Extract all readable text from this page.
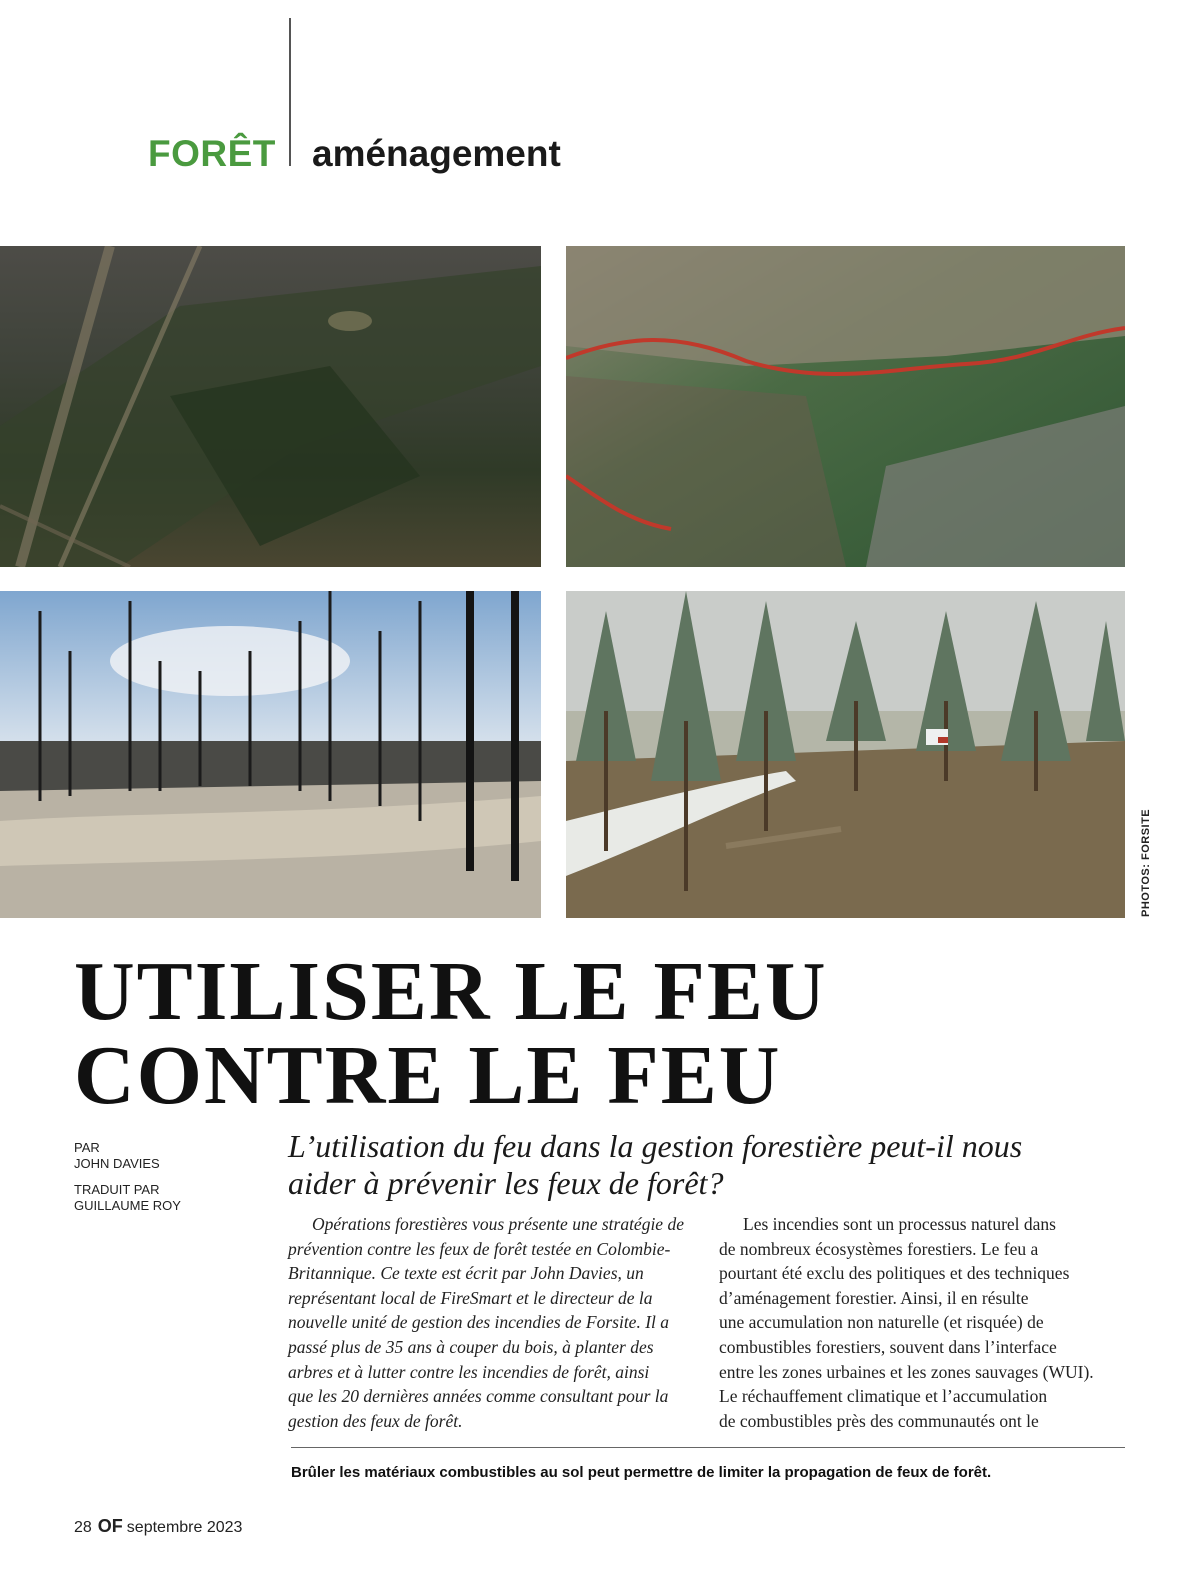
FORÊT aménagement
PHOTOS: FORSITE
UTILISER LE FEU
CONTRE LE FEU
PAR
JOHN DAVIES
TRADUIT PAR
GUILLAUME ROY
L’utilisation du feu dans la gestion forestière peut-il nous
aider à prévenir les feux de forêt?
Opérations forestières vous présente une stratégie de
prévention contre les feux de forêt testée en Colombie-
Britannique. Ce texte est écrit par John Davies, un
représentant local de FireSmart et le directeur de la
nouvelle unité de gestion des incendies de Forsite. Il a
passé plus de 35 ans à couper du bois, à planter des
arbres et à lutter contre les incendies de forêt, ainsi
que les 20 dernières années comme consultant pour la
gestion des feux de forêt.
Les incendies sont un processus naturel dans
de nombreux écosystèmes forestiers. Le feu a
pourtant été exclu des politiques et des techniques
d’aménagement forestier. Ainsi, il en résulte
une accumulation non naturelle (et risquée) de
combustibles forestiers, souvent dans l’interface
entre les zones urbaines et les zones sauvages (WUI).
Le réchauffement climatique et l’accumulation
de combustibles près des communautés ont le
Brûler les matériaux combustibles au sol peut permettre de limiter la propagation de feux de forêt.
28 OF septembre 2023
